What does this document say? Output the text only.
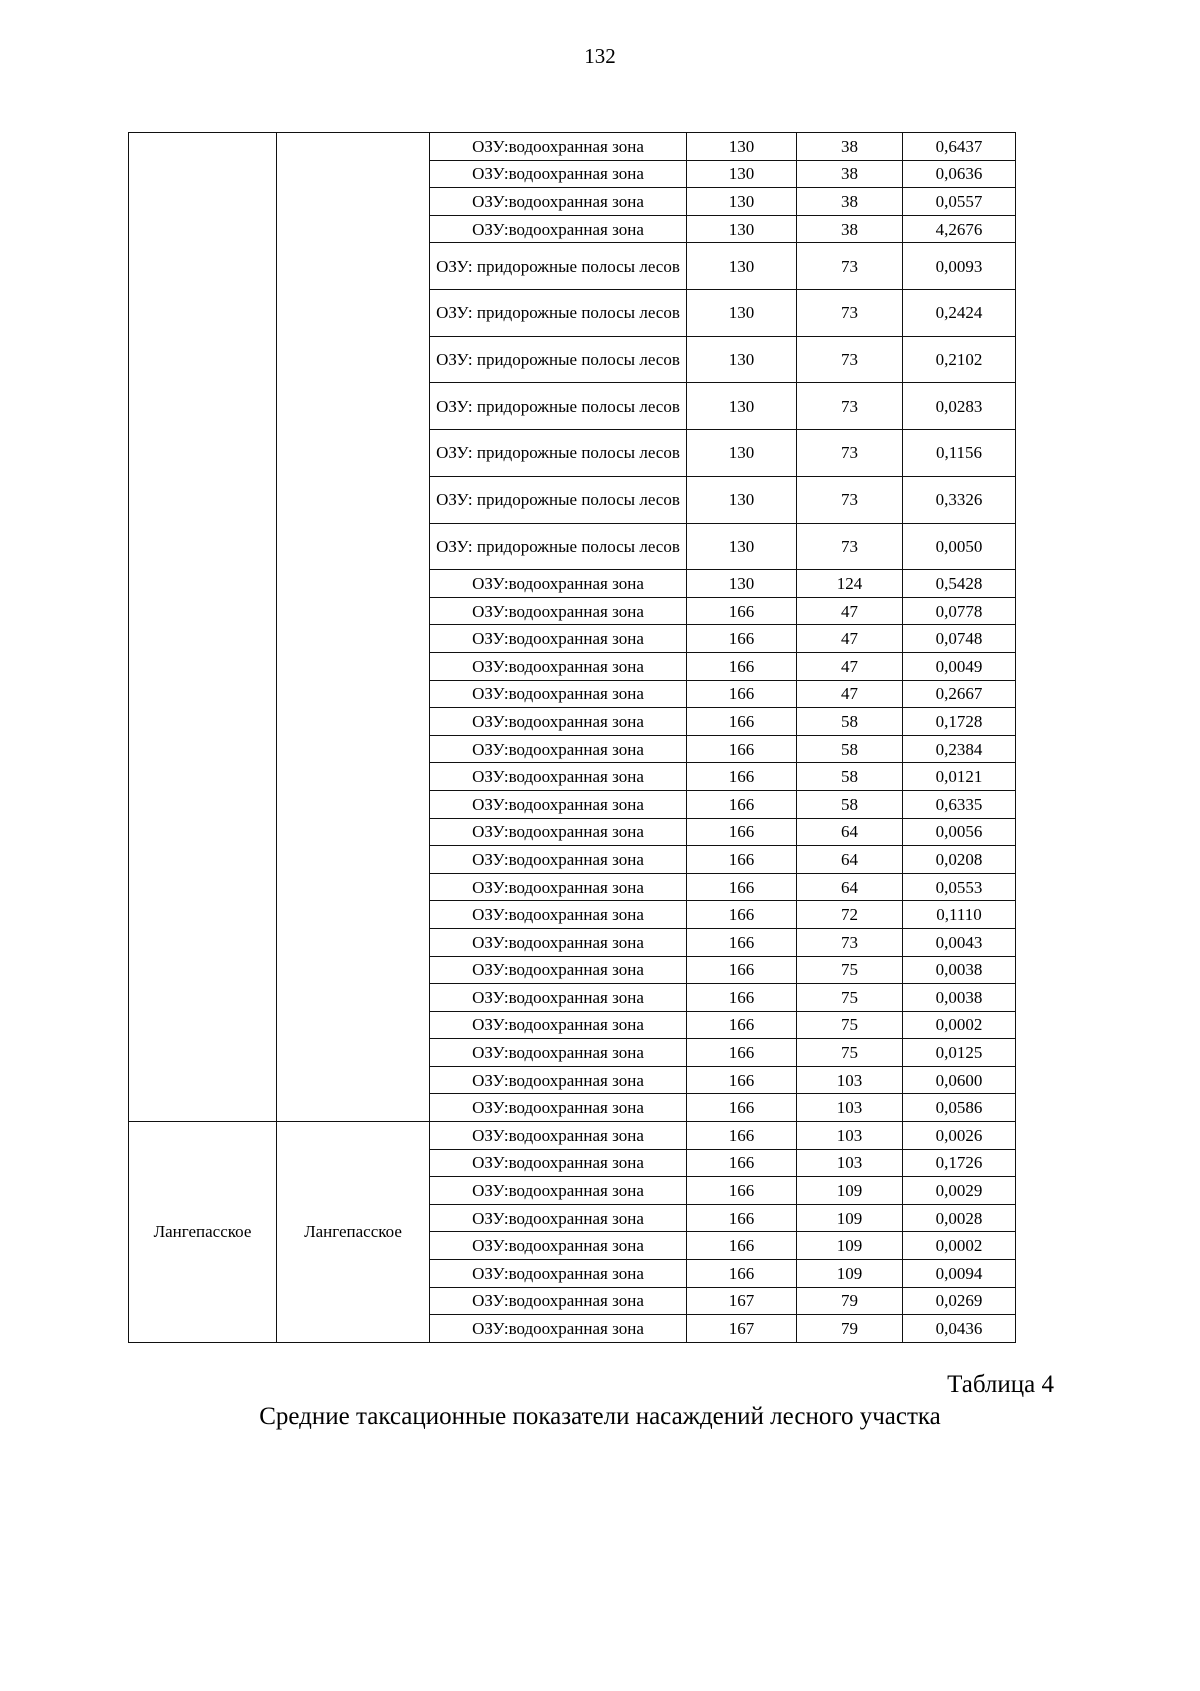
132
		ОЗУ:водоохранная зона	130	38	0,6437
		ОЗУ:водоохранная зона	130	38	0,0636
		ОЗУ:водоохранная зона	130	38	0,0557
		ОЗУ:водоохранная зона	130	38	4,2676
		ОЗУ: придорожные полосы лесов	130	73	0,0093
		ОЗУ: придорожные полосы лесов	130	73	0,2424
		ОЗУ: придорожные полосы лесов	130	73	0,2102
		ОЗУ: придорожные полосы лесов	130	73	0,0283
		ОЗУ: придорожные полосы лесов	130	73	0,1156
		ОЗУ: придорожные полосы лесов	130	73	0,3326
		ОЗУ: придорожные полосы лесов	130	73	0,0050
		ОЗУ:водоохранная зона	130	124	0,5428
		ОЗУ:водоохранная зона	166	47	0,0778
		ОЗУ:водоохранная зона	166	47	0,0748
		ОЗУ:водоохранная зона	166	47	0,0049
		ОЗУ:водоохранная зона	166	47	0,2667
		ОЗУ:водоохранная зона	166	58	0,1728
		ОЗУ:водоохранная зона	166	58	0,2384
		ОЗУ:водоохранная зона	166	58	0,0121
		ОЗУ:водоохранная зона	166	58	0,6335
		ОЗУ:водоохранная зона	166	64	0,0056
		ОЗУ:водоохранная зона	166	64	0,0208
		ОЗУ:водоохранная зона	166	64	0,0553
		ОЗУ:водоохранная зона	166	72	0,1110
		ОЗУ:водоохранная зона	166	73	0,0043
		ОЗУ:водоохранная зона	166	75	0,0038
		ОЗУ:водоохранная зона	166	75	0,0038
		ОЗУ:водоохранная зона	166	75	0,0002
		ОЗУ:водоохранная зона	166	75	0,0125
		ОЗУ:водоохранная зона	166	103	0,0600
		ОЗУ:водоохранная зона	166	103	0,0586
Лангепасское	Лангепасское	ОЗУ:водоохранная зона	166	103	0,0026
		ОЗУ:водоохранная зона	166	103	0,1726
		ОЗУ:водоохранная зона	166	109	0,0029
		ОЗУ:водоохранная зона	166	109	0,0028
		ОЗУ:водоохранная зона	166	109	0,0002
		ОЗУ:водоохранная зона	166	109	0,0094
		ОЗУ:водоохранная зона	167	79	0,0269
		ОЗУ:водоохранная зона	167	79	0,0436
Таблица 4
Средние таксационные показатели насаждений лесного участка
